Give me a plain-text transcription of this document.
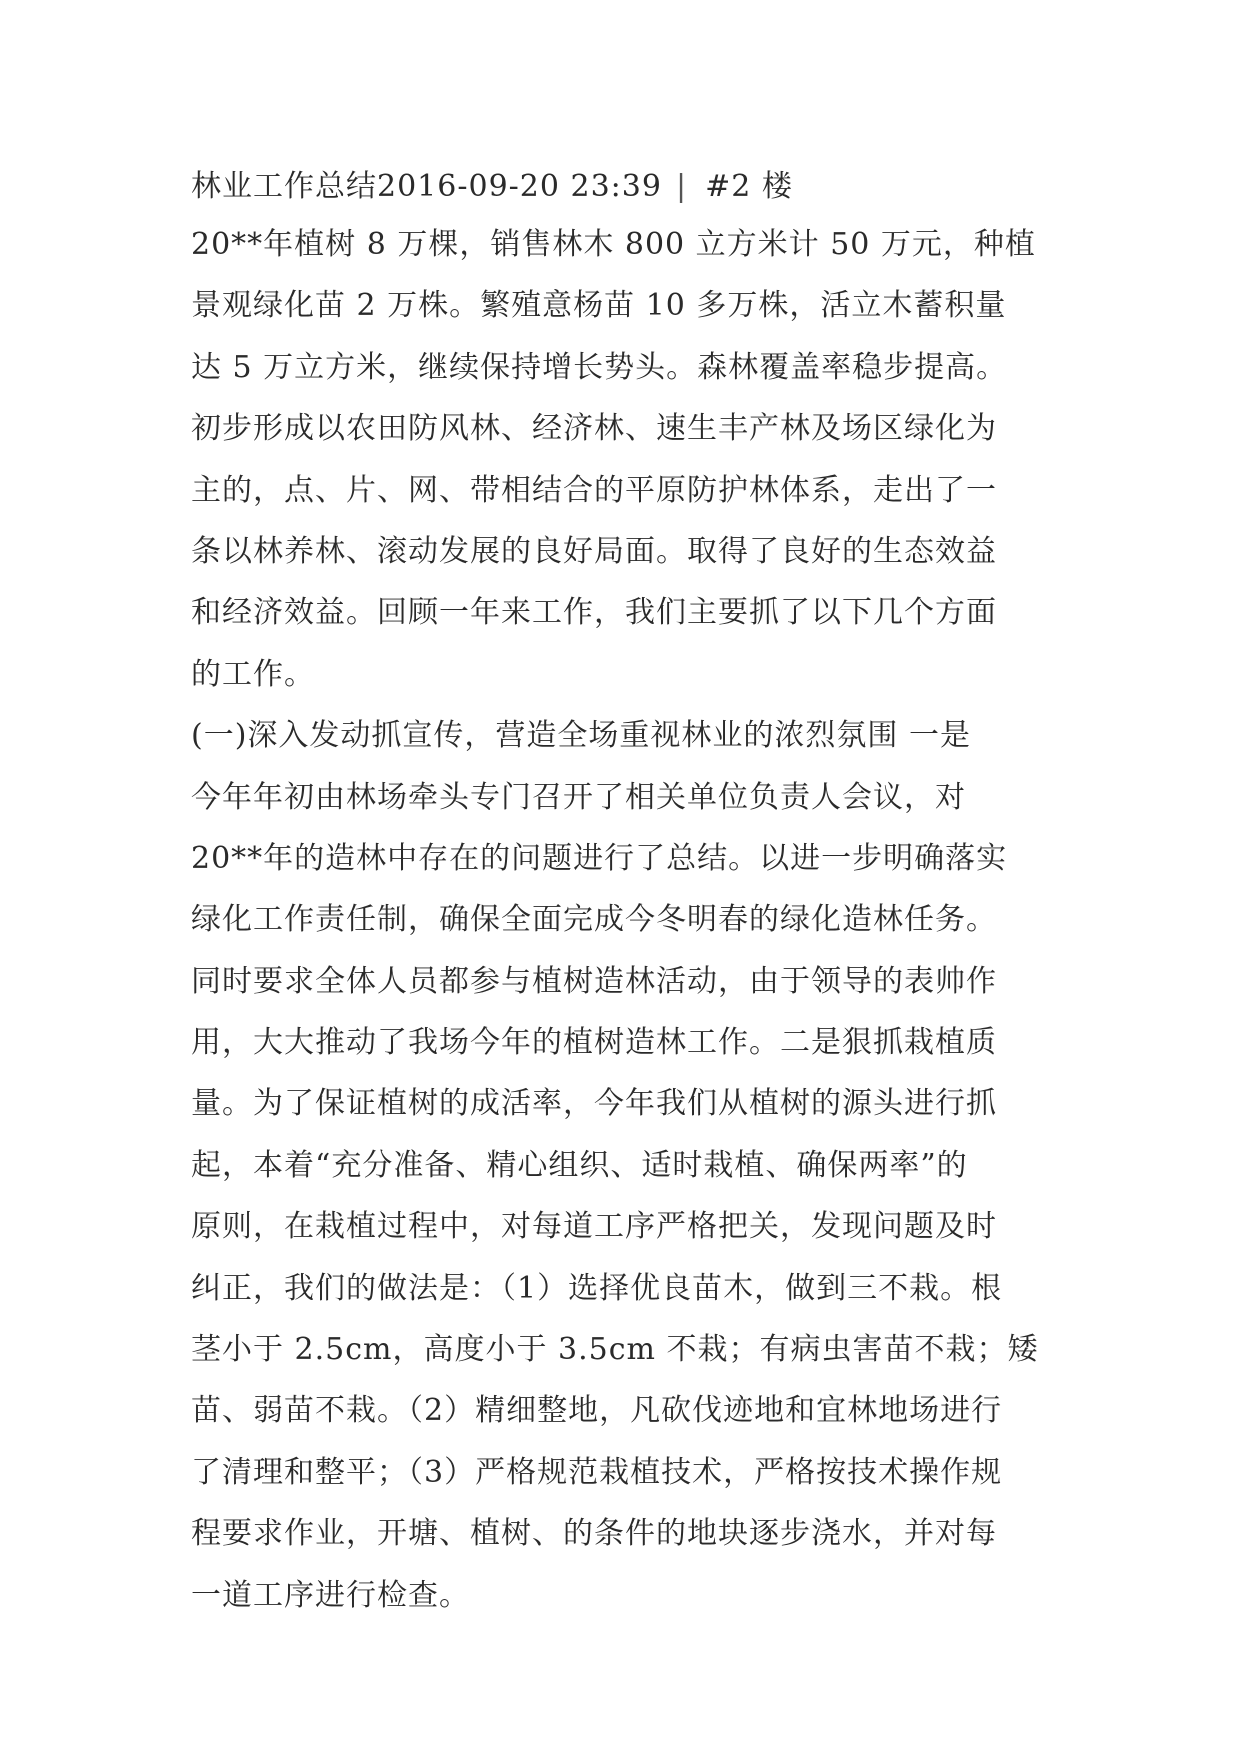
林业工作总结2016-09-20 23:39 | #2 楼
20**年植树 8 万棵，销售林木 800 立方米计 50 万元，种植
景观绿化苗 2 万株。繁殖意杨苗 10 多万株，活立木蓄积量
达 5 万立方米，继续保持增长势头。森林覆盖率稳步提高。
初步形成以农田防风林、经济林、速生丰产林及场区绿化为
主的，点、片、网、带相结合的平原防护林体系，走出了一
条以林养林、滚动发展的良好局面。取得了良好的生态效益
和经济效益。回顾一年来工作，我们主要抓了以下几个方面
的工作。
(一)深入发动抓宣传，营造全场重视林业的浓烈氛围 一是
今年年初由林场牵头专门召开了相关单位负责人会议，对
20**年的造林中存在的问题进行了总结。以进一步明确落实
绿化工作责任制，确保全面完成今冬明春的绿化造林任务。
同时要求全体人员都参与植树造林活动，由于领导的表帅作
用，大大推动了我场今年的植树造林工作。二是狠抓栽植质
量。为了保证植树的成活率，今年我们从植树的源头进行抓
起，本着“充分准备、精心组织、适时栽植、确保两率”的
原则，在栽植过程中，对每道工序严格把关，发现问题及时
纠正，我们的做法是：（1）选择优良苗木，做到三不栽。根
茎小于 2.5cm，高度小于 3.5cm 不栽；有病虫害苗不栽；矮
苗、弱苗不栽。（2）精细整地，凡砍伐迹地和宜林地场进行
了清理和整平；（3）严格规范栽植技术，严格按技术操作规
程要求作业，开塘、植树、的条件的地块逐步浇水，并对每
一道工序进行检查。
